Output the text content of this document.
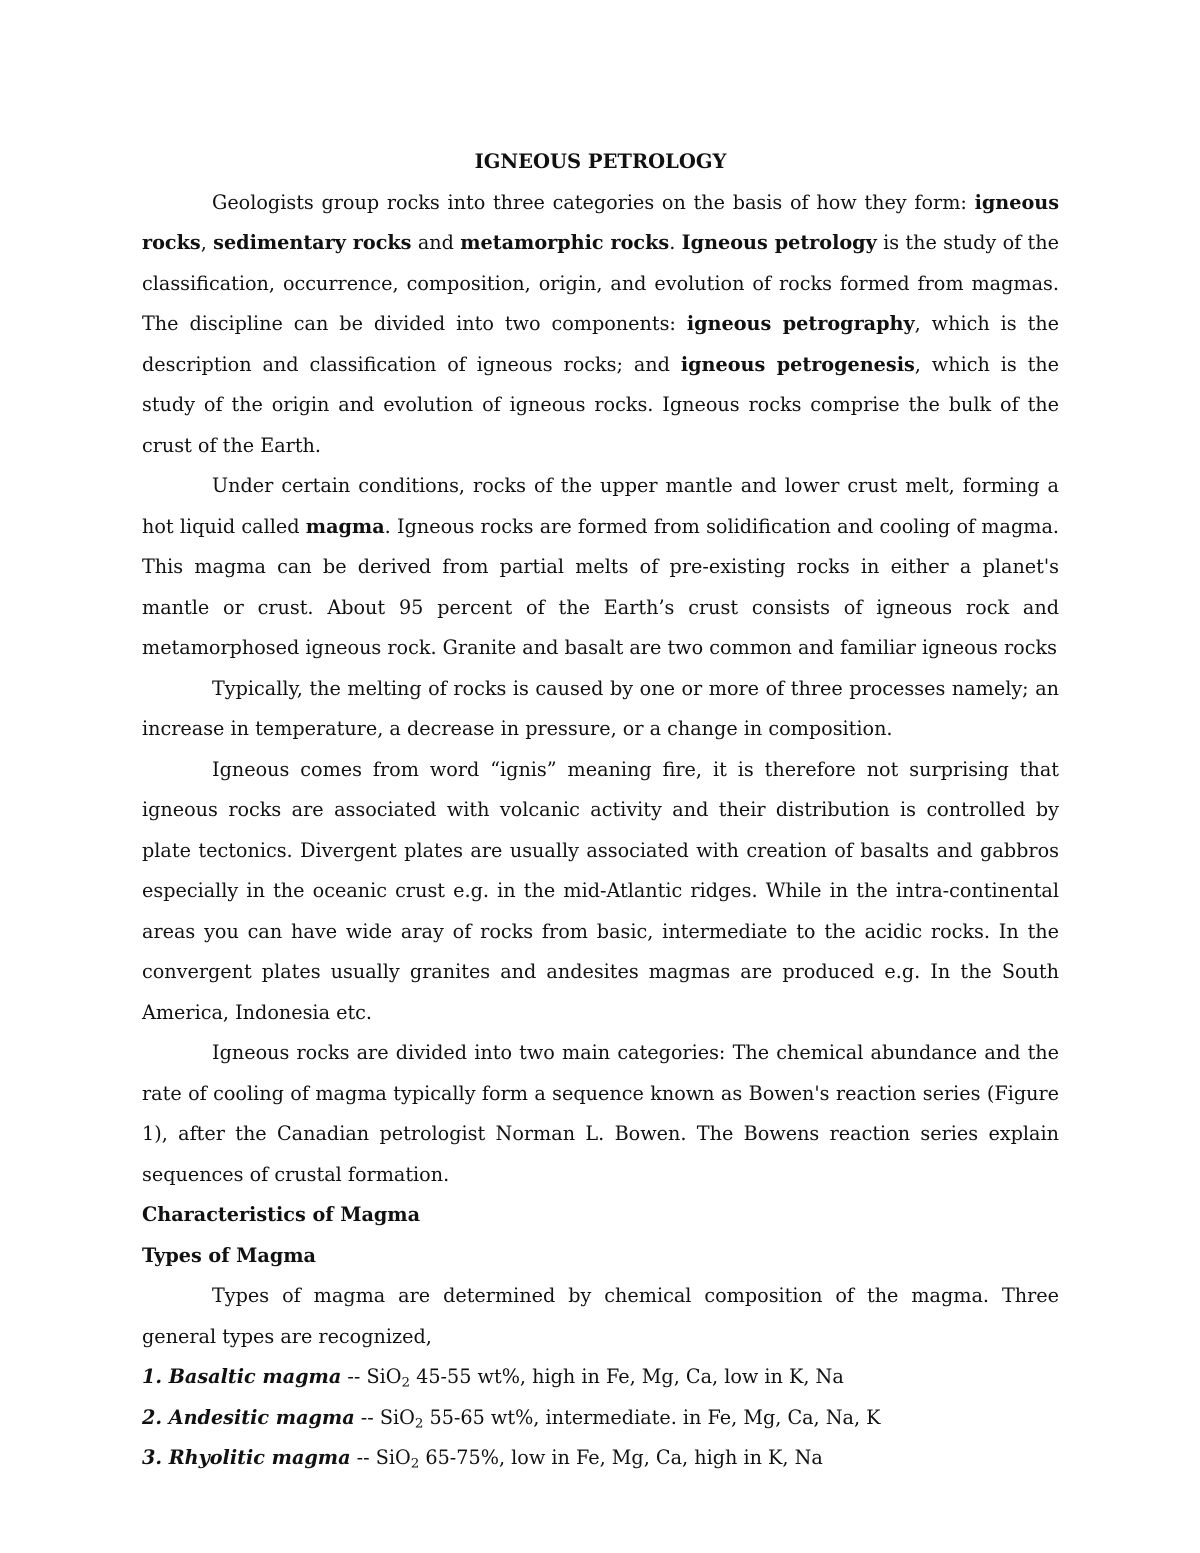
IGNEOUS PETROLOGY

Geologists group rocks into three categories on the basis of how they form: igneous rocks, sedimentary rocks and metamorphic rocks. Igneous petrology is the study of the classification, occurrence, composition, origin, and evolution of rocks formed from magmas. The discipline can be divided into two components: igneous petrography, which is the description and classification of igneous rocks; and igneous petrogenesis, which is the study of the origin and evolution of igneous rocks. Igneous rocks comprise the bulk of the crust of the Earth.

Under certain conditions, rocks of the upper mantle and lower crust melt, forming a hot liquid called magma. Igneous rocks are formed from solidification and cooling of magma. This magma can be derived from partial melts of pre-existing rocks in either a planet's mantle or crust. About 95 percent of the Earth’s crust consists of igneous rock and metamorphosed igneous rock. Granite and basalt are two common and familiar igneous rocks

Typically, the melting of rocks is caused by one or more of three processes namely; an increase in temperature, a decrease in pressure, or a change in composition.

Igneous comes from word “ignis” meaning fire, it is therefore not surprising that igneous rocks are associated with volcanic activity and their distribution is controlled by plate tectonics. Divergent plates are usually associated with creation of basalts and gabbros especially in the oceanic crust e.g. in the mid-Atlantic ridges. While in the intra-continental areas you can have wide aray of rocks from basic, intermediate to the acidic rocks. In the convergent plates usually granites and andesites magmas are produced e.g. In the South America, Indonesia etc.

Igneous rocks are divided into two main categories: The chemical abundance and the rate of cooling of magma typically form a sequence known as Bowen's reaction series (Figure 1), after the Canadian petrologist Norman L. Bowen. The Bowens reaction series explain sequences of crustal formation.

Characteristics of Magma
Types of Magma

Types of magma are determined by chemical composition of the magma. Three general types are recognized,

1. Basaltic magma -- SiO$_2$ 45-55 wt%, high in Fe, Mg, Ca, low in K, Na
2. Andesitic magma -- SiO$_2$ 55-65 wt%, intermediate. in Fe, Mg, Ca, Na, K
3. Rhyolitic magma -- SiO$_2$ 65-75%, low in Fe, Mg, Ca, high in K, Na
